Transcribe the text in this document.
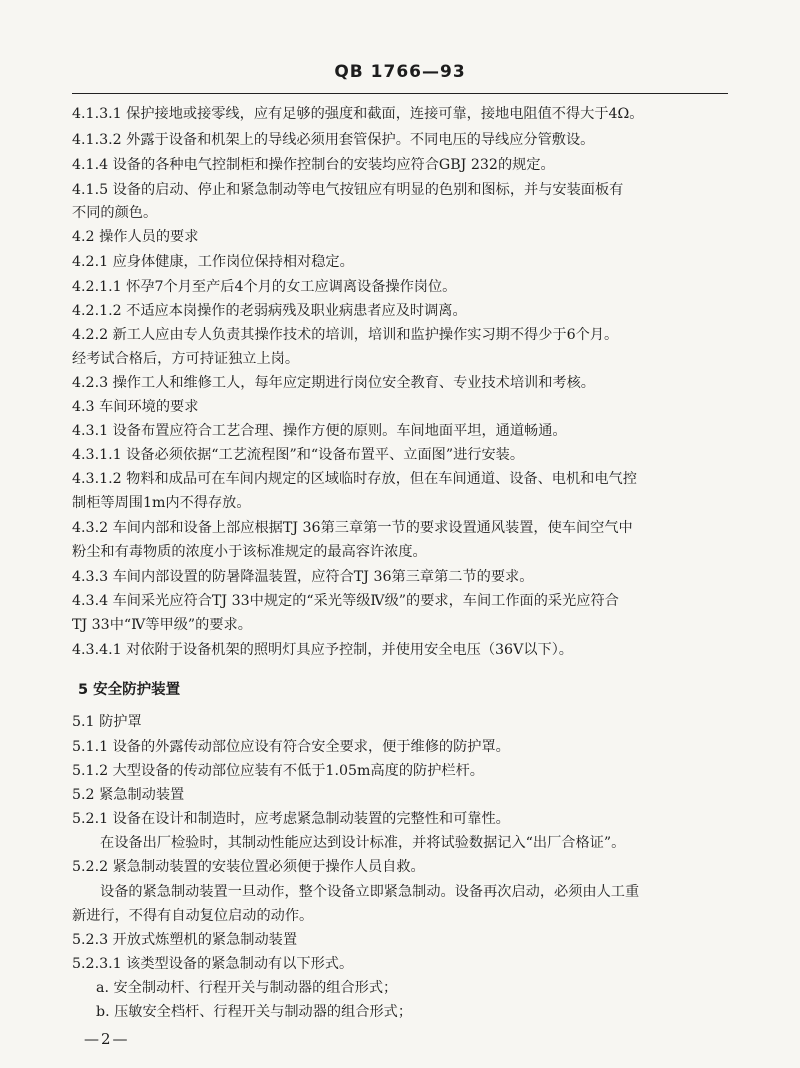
QB 1766—93
4.1.3.1 保护接地或接零线，应有足够的强度和截面，连接可靠，接地电阻值不得大于4Ω。
4.1.3.2 外露于设备和机架上的导线必须用套管保护。不同电压的导线应分管敷设。
4.1.4 设备的各种电气控制柜和操作控制台的安装均应符合GBJ 232的规定。
4.1.5 设备的启动、停止和紧急制动等电气按钮应有明显的色别和图标，并与安装面板有
不同的颜色。
4.2 操作人员的要求
4.2.1 应身体健康，工作岗位保持相对稳定。
4.2.1.1 怀孕7个月至产后4个月的女工应调离设备操作岗位。
4.2.1.2 不适应本岗操作的老弱病残及职业病患者应及时调离。
4.2.2 新工人应由专人负责其操作技术的培训，培训和监护操作实习期不得少于6个月。
经考试合格后，方可持证独立上岗。
4.2.3 操作工人和维修工人，每年应定期进行岗位安全教育、专业技术培训和考核。
4.3 车间环境的要求
4.3.1 设备布置应符合工艺合理、操作方便的原则。车间地面平坦，通道畅通。
4.3.1.1 设备必须依据“工艺流程图”和“设备布置平、立面图”进行安装。
4.3.1.2 物料和成品可在车间内规定的区域临时存放，但在车间通道、设备、电机和电气控
制柜等周围1m内不得存放。
4.3.2 车间内部和设备上部应根据TJ 36第三章第一节的要求设置通风装置，使车间空气中
粉尘和有毒物质的浓度小于该标准规定的最高容许浓度。
4.3.3 车间内部设置的防暑降温装置，应符合TJ 36第三章第二节的要求。
4.3.4 车间采光应符合TJ 33中规定的“采光等级Ⅳ级”的要求，车间工作面的采光应符合
TJ 33中“Ⅳ等甲级”的要求。
4.3.4.1 对依附于设备机架的照明灯具应予控制，并使用安全电压（36V以下）。
5 安全防护装置
5.1 防护罩
5.1.1 设备的外露传动部位应设有符合安全要求，便于维修的防护罩。
5.1.2 大型设备的传动部位应装有不低于1.05m高度的防护栏杆。
5.2 紧急制动装置
5.2.1 设备在设计和制造时，应考虑紧急制动装置的完整性和可靠性。
在设备出厂检验时，其制动性能应达到设计标准，并将试验数据记入“出厂合格证”。
5.2.2 紧急制动装置的安装位置必须便于操作人员自救。
设备的紧急制动装置一旦动作，整个设备立即紧急制动。设备再次启动，必须由人工重
新进行，不得有自动复位启动的动作。
5.2.3 开放式炼塑机的紧急制动装置
5.2.3.1 该类型设备的紧急制动有以下形式。
a. 安全制动杆、行程开关与制动器的组合形式；
b. 压敏安全档杆、行程开关与制动器的组合形式；
—2—
